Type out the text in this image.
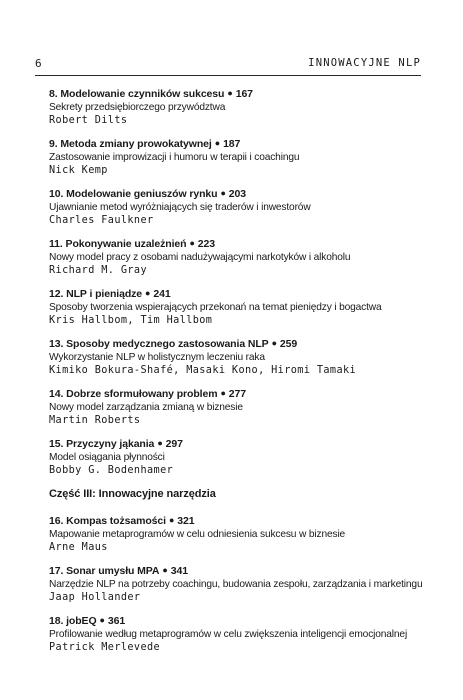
6	INNOWACYJNE NLP
8. Modelowanie czynników sukcesu ● 167
Sekrety przedsiębiorczego przywództwa
Robert Dilts
9. Metoda zmiany prowokatywnej ● 187
Zastosowanie improwizacji i humoru w terapii i coachingu
Nick Kemp
10. Modelowanie geniuszów rynku ● 203
Ujawnianie metod wyróżniających się traderów i inwestorów
Charles Faulkner
11. Pokonywanie uzależnień ● 223
Nowy model pracy z osobami nadużywającymi narkotyków i alkoholu
Richard M. Gray
12. NLP i pieniądze ● 241
Sposoby tworzenia wspierających przekonań na temat pieniędzy i bogactwa
Kris Hallbom, Tim Hallbom
13. Sposoby medycznego zastosowania NLP ● 259
Wykorzystanie NLP w holistycznym leczeniu raka
Kimiko Bokura-Shafé, Masaki Kono, Hiromi Tamaki
14. Dobrze sformułowany problem ● 277
Nowy model zarządzania zmianą w biznesie
Martin Roberts
15. Przyczyny jąkania ● 297
Model osiągania płynności
Bobby G. Bodenhamer
Część III: Innowacyjne narzędzia
16. Kompas tożsamości ● 321
Mapowanie metaprogramów w celu odniesienia sukcesu w biznesie
Arne Maus
17. Sonar umysłu MPA ● 341
Narzędzie NLP na potrzeby coachingu, budowania zespołu, zarządzania i marketingu
Jaap Hollander
18. jobEQ ● 361
Profilowanie według metaprogramów w celu zwiększenia inteligencji emocjonalnej
Patrick Merlevede
